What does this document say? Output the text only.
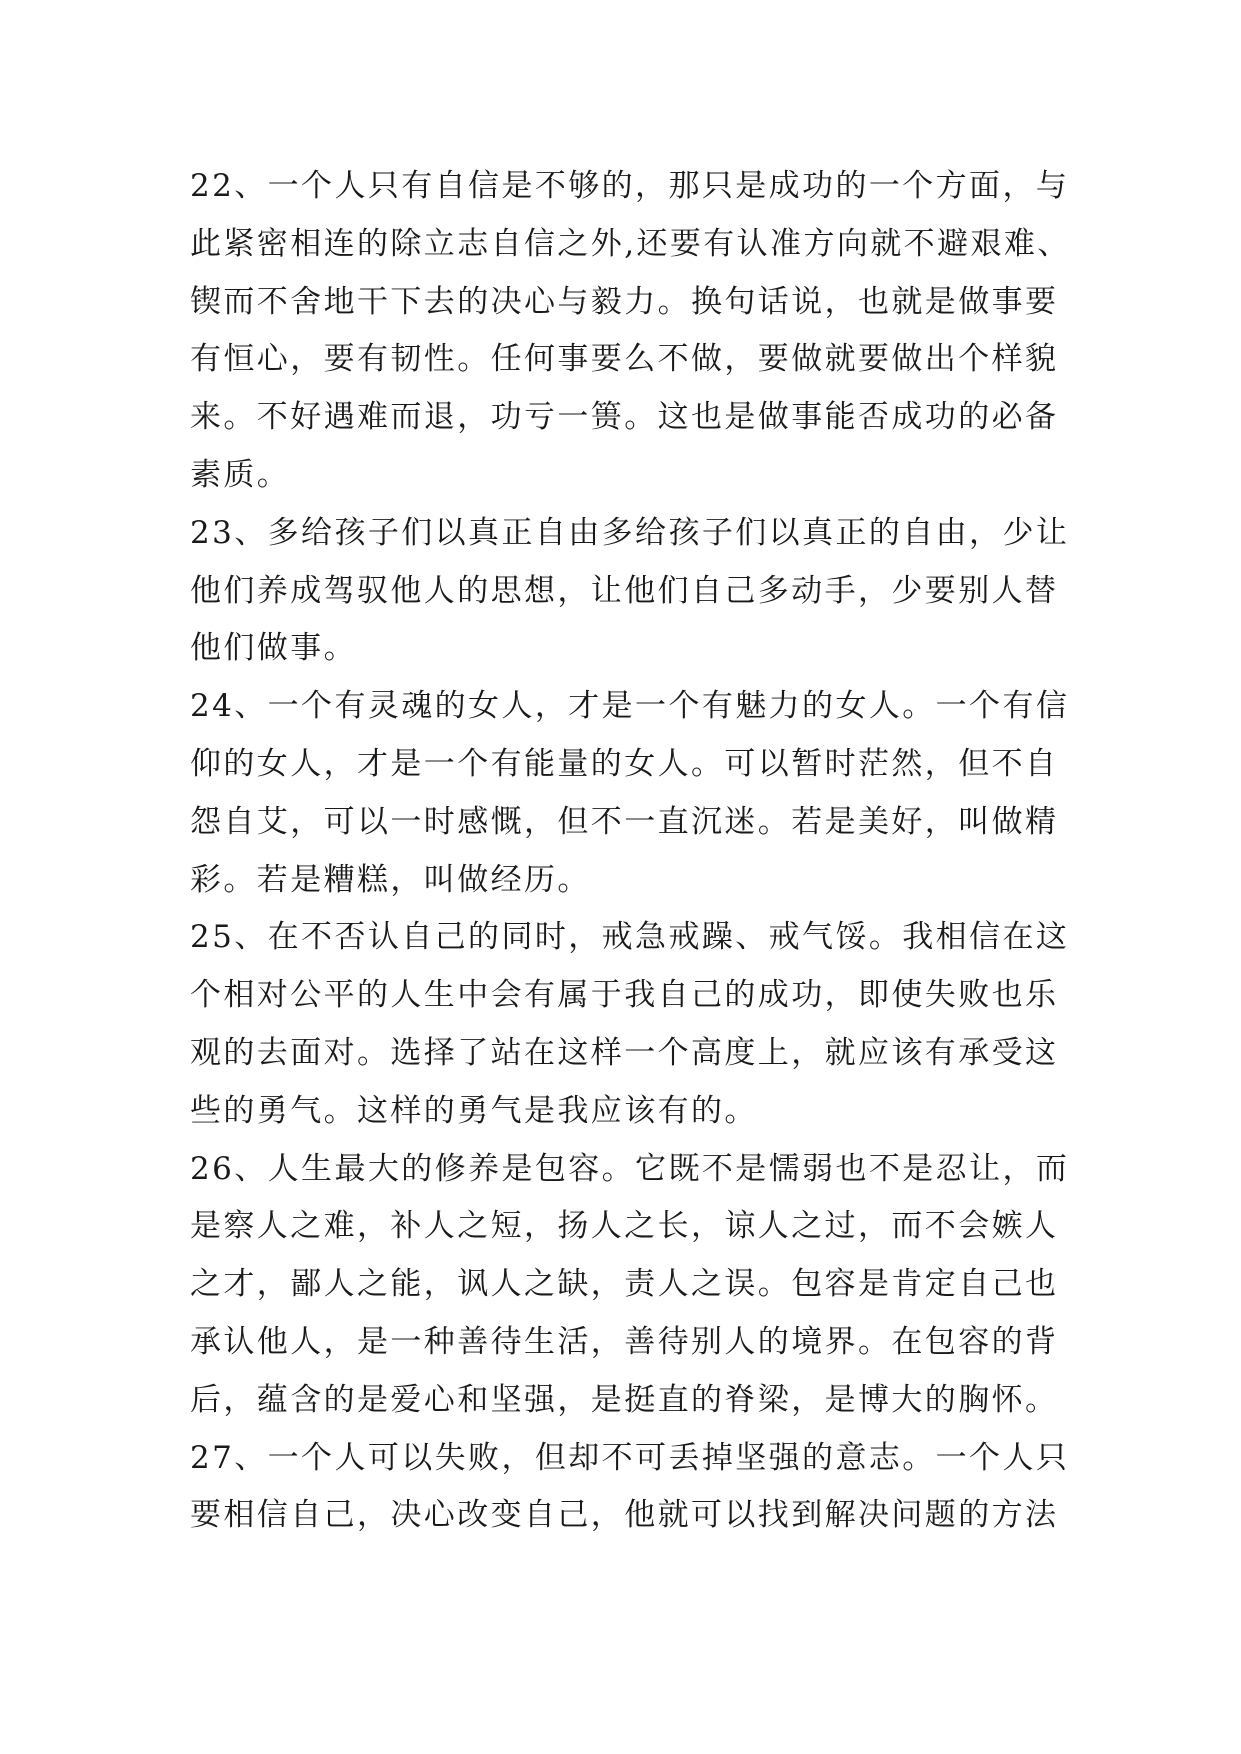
22、一个人只有自信是不够的，那只是成功的一个方面，与
此紧密相连的除立志自信之外,还要有认准方向就不避艰难、
锲而不舍地干下去的决心与毅力。换句话说，也就是做事要
有恒心，要有韧性。任何事要么不做，要做就要做出个样貌
来。不好遇难而退，功亏一篑。这也是做事能否成功的必备
素质。
23、多给孩子们以真正自由多给孩子们以真正的自由，少让
他们养成驾驭他人的思想，让他们自己多动手，少要别人替
他们做事。
24、一个有灵魂的女人，才是一个有魅力的女人。一个有信
仰的女人，才是一个有能量的女人。可以暂时茫然，但不自
怨自艾，可以一时感慨，但不一直沉迷。若是美好，叫做精
彩。若是糟糕，叫做经历。
25、在不否认自己的同时，戒急戒躁、戒气馁。我相信在这
个相对公平的人生中会有属于我自己的成功，即使失败也乐
观的去面对。选择了站在这样一个高度上，就应该有承受这
些的勇气。这样的勇气是我应该有的。
26、人生最大的修养是包容。它既不是懦弱也不是忍让，而
是察人之难，补人之短，扬人之长，谅人之过，而不会嫉人
之才，鄙人之能，讽人之缺，责人之误。包容是肯定自己也
承认他人，是一种善待生活，善待别人的境界。在包容的背
后，蕴含的是爱心和坚强，是挺直的脊梁，是博大的胸怀。
27、一个人可以失败，但却不可丢掉坚强的意志。一个人只
要相信自己，决心改变自己，他就可以找到解决问题的方法
